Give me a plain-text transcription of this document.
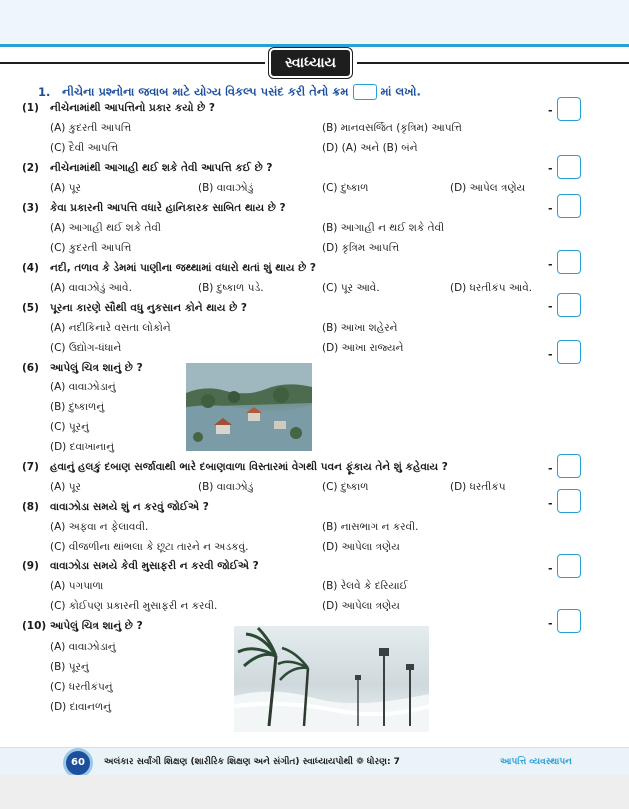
સ્વાધ્યાય
1. નીચેના પ્રશ્નોના જવાબ માટે યોગ્ય વિકલ્પ પસંદ કરી તેનો ક્રમ	માં લખો.
(1) નીચેનામાંથી આપત્તિનો પ્રકાર કયો છે ?
(A) કુદરતી આપત્તિ	(B) માનવસર્જિત (કૃત્રિમ) આપત્તિ
(C) દૈવી આપત્તિ	(D) (A) અને (B) બંને
-
(2) નીચેનામાંથી આગાહી થઈ શકે તેવી આપત્તિ કઈ છે ?
(A) પૂર	(B) વાવાઝોડું	(C) દુષ્કાળ	(D) આપેલ ત્રણેય
-
(3) કેવા પ્રકારની આપત્તિ વધારે હાનિકારક સાબિત થાય છે ?
(A) આગાહી થઈ શકે તેવી	(B) આગાહી ન થઈ શકે તેવી
(C) કુદરતી આપત્તિ	(D) કૃત્રિમ આપત્તિ
-
(4) નદી, તળાવ કે ડેમમાં પાણીના જથ્થામાં વધારો થતાં શું થાય છે ?
(A) વાવાઝોડું આવે.	(B) દુષ્કાળ પડે.	(C) પૂર આવે.	(D) ધરતીકંપ આવે.
-
(5) પૂરના કારણે સૌથી વધુ નુકસાન કોને થાય છે ?
(A) નદીકિનારે વસતા લોકોને	(B) આખા શહેરને
(C) ઉદ્યોગ-ધંધાને	(D) આખા રાજ્યને
-
(6) આપેલું ચિત્ર શાનું છે ?
(A) વાવાઝોડાનું
(B) દુષ્કાળનું
(C) પૂરનું
(D) દવાખાનાનું
-
(7) હવાનું હલકું દબાણ સર્જાવાથી ભારે દબાણવાળા વિસ્તારમાં વેગથી પવન ફૂંકાય તેને શું કહેવાય ?
(A) પૂર	(B) વાવાઝોડું	(C) દુષ્કાળ	(D) ધરતીકંપ
-
(8) વાવાઝોડા સમયે શું ન કરવું જોઈએ ?
(A) અફવા ન ફેલાવવી.	(B) નાસભાગ ન કરવી.
(C) વીજળીના થાંભલા કે છૂટા તારને ન અડકવું.	(D) આપેલા ત્રણેય
-
(9) વાવાઝોડા સમયે કેવી મુસાફરી ન કરવી જોઈએ ?
(A) પગપાળા	(B) રેલવે કે દરિયાઈ
(C) કોઈપણ પ્રકારની મુસાફરી ન કરવી.	(D) આપેલા ત્રણેય
-
(10) આપેલું ચિત્ર શાનું છે ?
(A) વાવાઝોડાનું
(B) પૂરનું
(C) ધરતીકંપનું
(D) દાવાનળનું
-
60	અલંકાર સર્વાંગી શિક્ષણ (શારીરિક શિક્ષણ અને સંગીત) સ્વાધ્યાયપોથી ❁ ધોરણ: 7	આપત્તિ વ્યવસ્થાપન
